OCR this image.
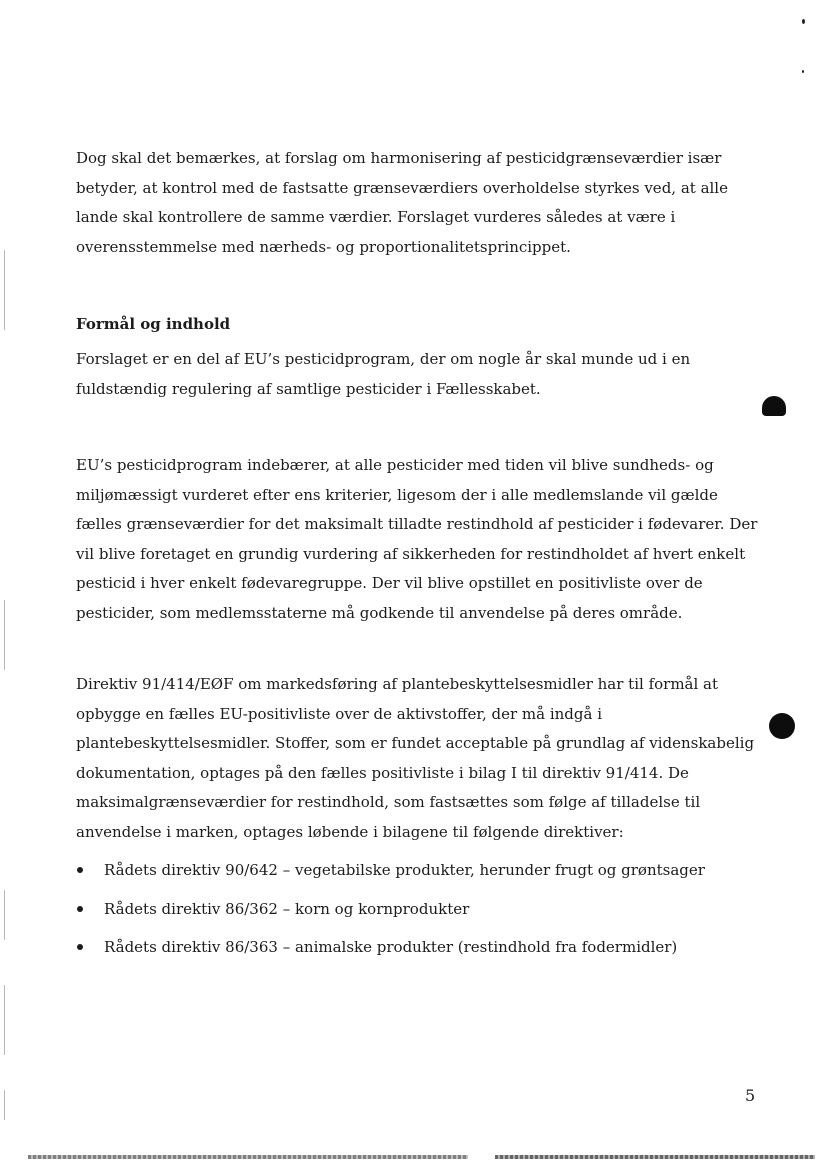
Dog skal det bemærkes, at forslag om harmonisering af pesticidgrænseværdier især betyder, at kontrol med de fastsatte grænseværdiers overholdelse styrkes ved, at alle lande skal kontrollere de samme værdier. Forslaget vurderes således at være i overensstemmelse med nærheds- og proportionalitetsprincippet.

Formål og indhold

Forslaget er en del af EU’s pesticidprogram, der om nogle år skal munde ud i en fuldstændig regulering af samtlige pesticider i Fællesskabet.

EU’s pesticidprogram indebærer, at alle pesticider med tiden vil blive sundheds- og miljømæssigt vurderet efter ens kriterier, ligesom der i alle medlemslande vil gælde fælles grænseværdier for det maksimalt tilladte restindhold af pesticider i fødevarer. Der vil blive foretaget en grundig vurdering af sikkerheden for restindholdet af hvert enkelt pesticid i hver enkelt fødevaregruppe. Der vil blive opstillet en positivliste over de pesticider, som medlemsstaterne må godkende til anvendelse på deres område.

Direktiv 91/414/EØF om markedsføring af plantebeskyttelsesmidler har til formål at opbygge en fælles EU-positivliste over de aktivstoffer, der må indgå i plantebeskyttelsesmidler. Stoffer, som er fundet acceptable på grundlag af videnskabelig dokumentation, optages på den fælles positivliste i bilag I til direktiv 91/414. De maksimalgrænseværdier for restindhold, som fastsættes som følge af tilladelse til anvendelse i marken, optages løbende i bilagene til følgende direktiver:

Rådets direktiv 90/642 – vegetabilske produkter, herunder frugt og grøntsager
Rådets direktiv 86/362 – korn og kornprodukter
Rådets direktiv 86/363 – animalske produkter (restindhold fra fodermidler)

5
